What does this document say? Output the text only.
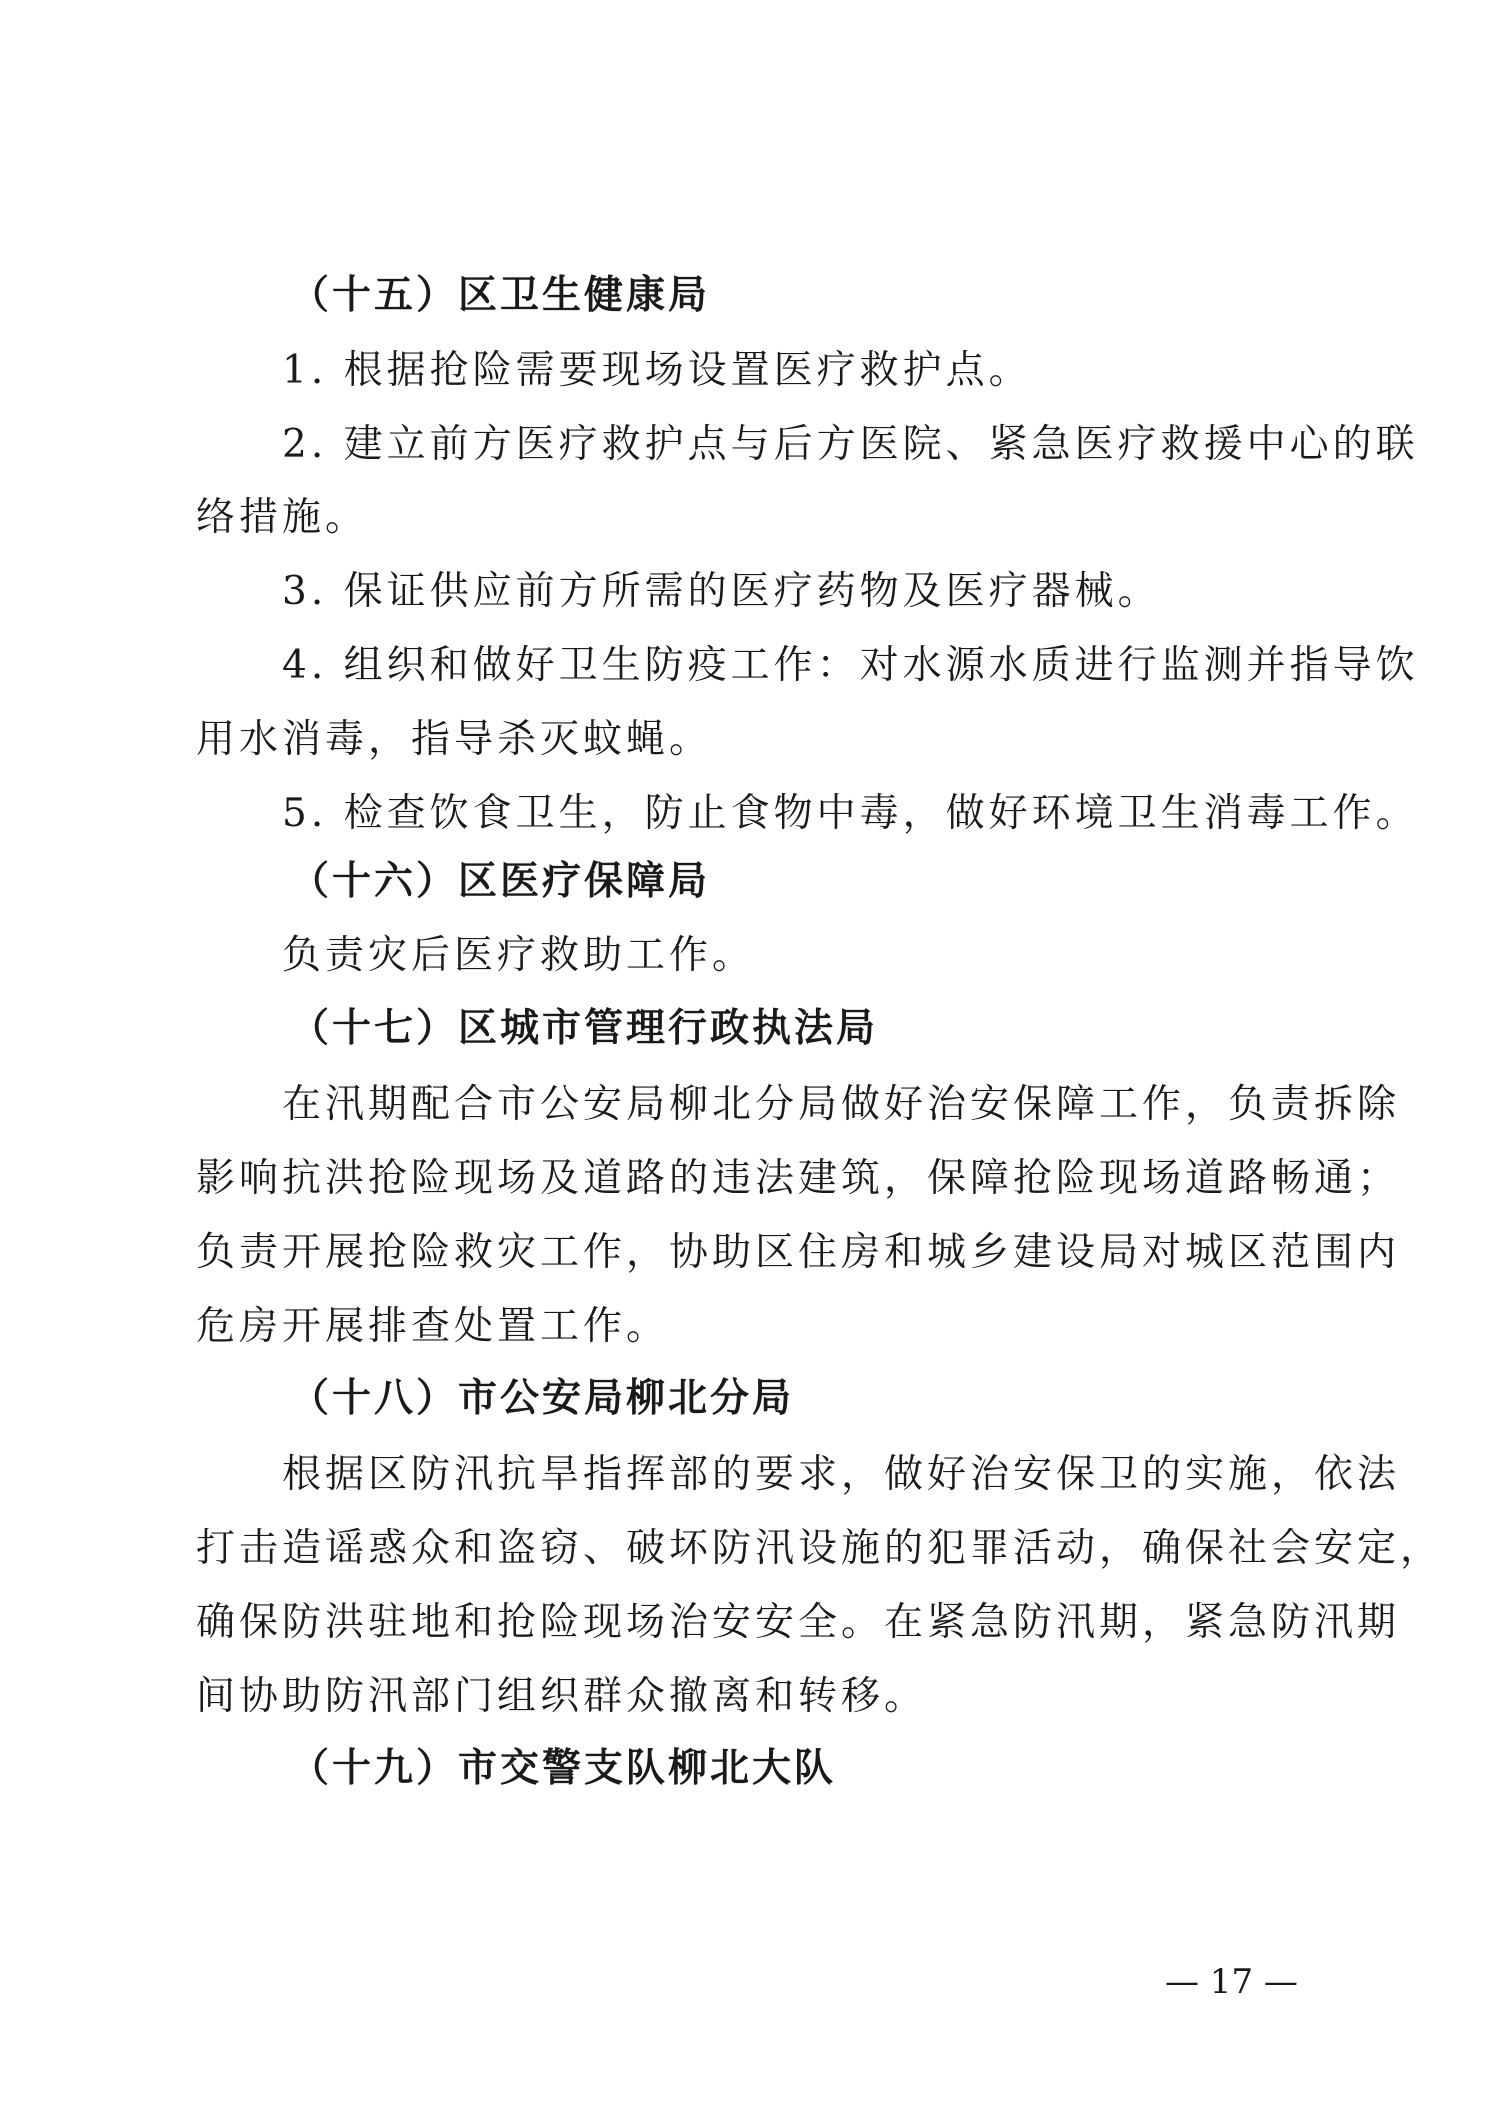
（十五）区卫生健康局

1. 根据抢险需要现场设置医疗救护点。

2. 建立前方医疗救护点与后方医院、紧急医疗救援中心的联

络措施。

3. 保证供应前方所需的医疗药物及医疗器械。

4. 组织和做好卫生防疫工作：对水源水质进行监测并指导饮

用水消毒，指导杀灭蚊蝇。

5. 检查饮食卫生，防止食物中毒，做好环境卫生消毒工作。

（十六）区医疗保障局

负责灾后医疗救助工作。

（十七）区城市管理行政执法局

在汛期配合市公安局柳北分局做好治安保障工作，负责拆除

影响抗洪抢险现场及道路的违法建筑，保障抢险现场道路畅通；

负责开展抢险救灾工作，协助区住房和城乡建设局对城区范围内

危房开展排查处置工作。

（十八）市公安局柳北分局

根据区防汛抗旱指挥部的要求，做好治安保卫的实施，依法

打击造谣惑众和盗窃、破坏防汛设施的犯罪活动，确保社会安定，

确保防洪驻地和抢险现场治安安全。在紧急防汛期，紧急防汛期

间协助防汛部门组织群众撤离和转移。

（十九）市交警支队柳北大队

— 17 —
